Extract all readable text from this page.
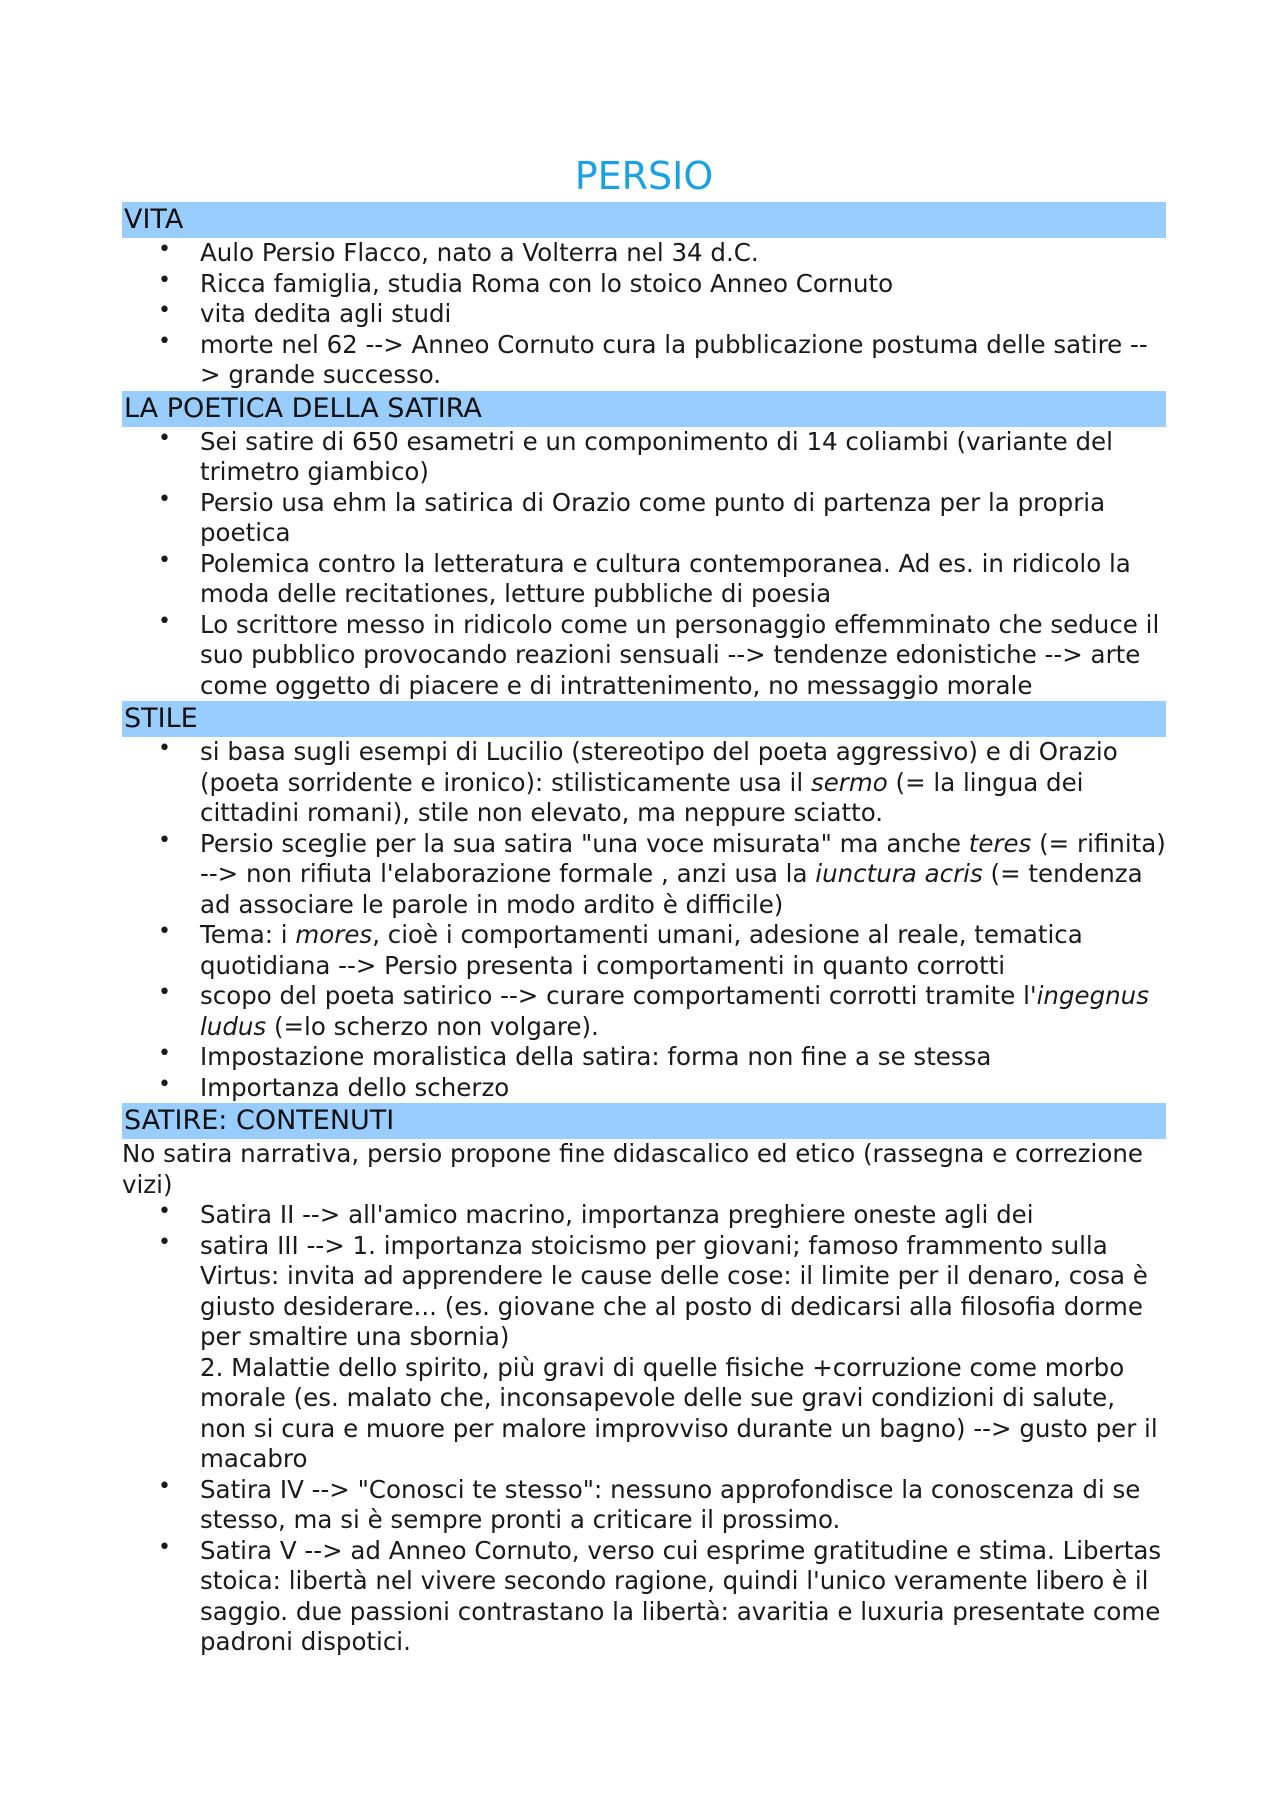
PERSIO
VITA
• Aulo Persio Flacco, nato a Volterra nel 34 d.C.
• Ricca famiglia, studia Roma con lo stoico Anneo Cornuto
• vita dedita agli studi
• morte nel 62 --> Anneo Cornuto cura la pubblicazione postuma delle satire --> grande successo.
LA POETICA DELLA SATIRA
• Sei satire di 650 esametri e un componimento di 14 coliambi (variante del trimetro giambico)
• Persio usa ehm la satirica di Orazio come punto di partenza per la propria poetica
• Polemica contro la letteratura e cultura contemporanea. Ad es. in ridicolo la moda delle recitationes, letture pubbliche di poesia
• Lo scrittore messo in ridicolo come un personaggio effemminato che seduce il suo pubblico provocando reazioni sensuali --> tendenze edonistiche --> arte come oggetto di piacere e di intrattenimento, no messaggio morale
STILE
• si basa sugli esempi di Lucilio (stereotipo del poeta aggressivo) e di Orazio (poeta sorridente e ironico): stilisticamente usa il sermo (= la lingua dei cittadini romani), stile non elevato, ma neppure sciatto.
• Persio sceglie per la sua satira "una voce misurata" ma anche teres (= rifinita) --> non rifiuta l'elaborazione formale , anzi usa la iunctura acris (= tendenza ad associare le parole in modo ardito è difficile)
• Tema: i mores, cioè i comportamenti umani, adesione al reale, tematica quotidiana --> Persio presenta i comportamenti in quanto corrotti
• scopo del poeta satirico --> curare comportamenti corrotti tramite l'ingegnus ludus (=lo scherzo non volgare).
• Impostazione moralistica della satira: forma non fine a se stessa
• Importanza dello scherzo
SATIRE: CONTENUTI

No satira narrativa, persio propone fine didascalico ed etico (rassegna e correzione vizi)

• Satira II --> all'amico macrino, importanza preghiere oneste agli dei
• satira III --> 1. importanza stoicismo per giovani; famoso frammento sulla Virtus: invita ad apprendere le cause delle cose: il limite per il denaro, cosa è giusto desiderare... (es. giovane che al posto di dedicarsi alla filosofia dorme per smaltire una sbornia)
2. Malattie dello spirito, più gravi di quelle fisiche +corruzione come morbo morale (es. malato che, inconsapevole delle sue gravi condizioni di salute, non si cura e muore per malore improvviso durante un bagno) --> gusto per il macabro
• Satira IV --> "Conosci te stesso": nessuno approfondisce la conoscenza di se stesso, ma si è sempre pronti a criticare il prossimo.
• Satira V --> ad Anneo Cornuto, verso cui esprime gratitudine e stima. Libertas stoica: libertà nel vivere secondo ragione, quindi l'unico veramente libero è il saggio. due passioni contrastano la libertà: avaritia e luxuria presentate come padroni dispotici.
